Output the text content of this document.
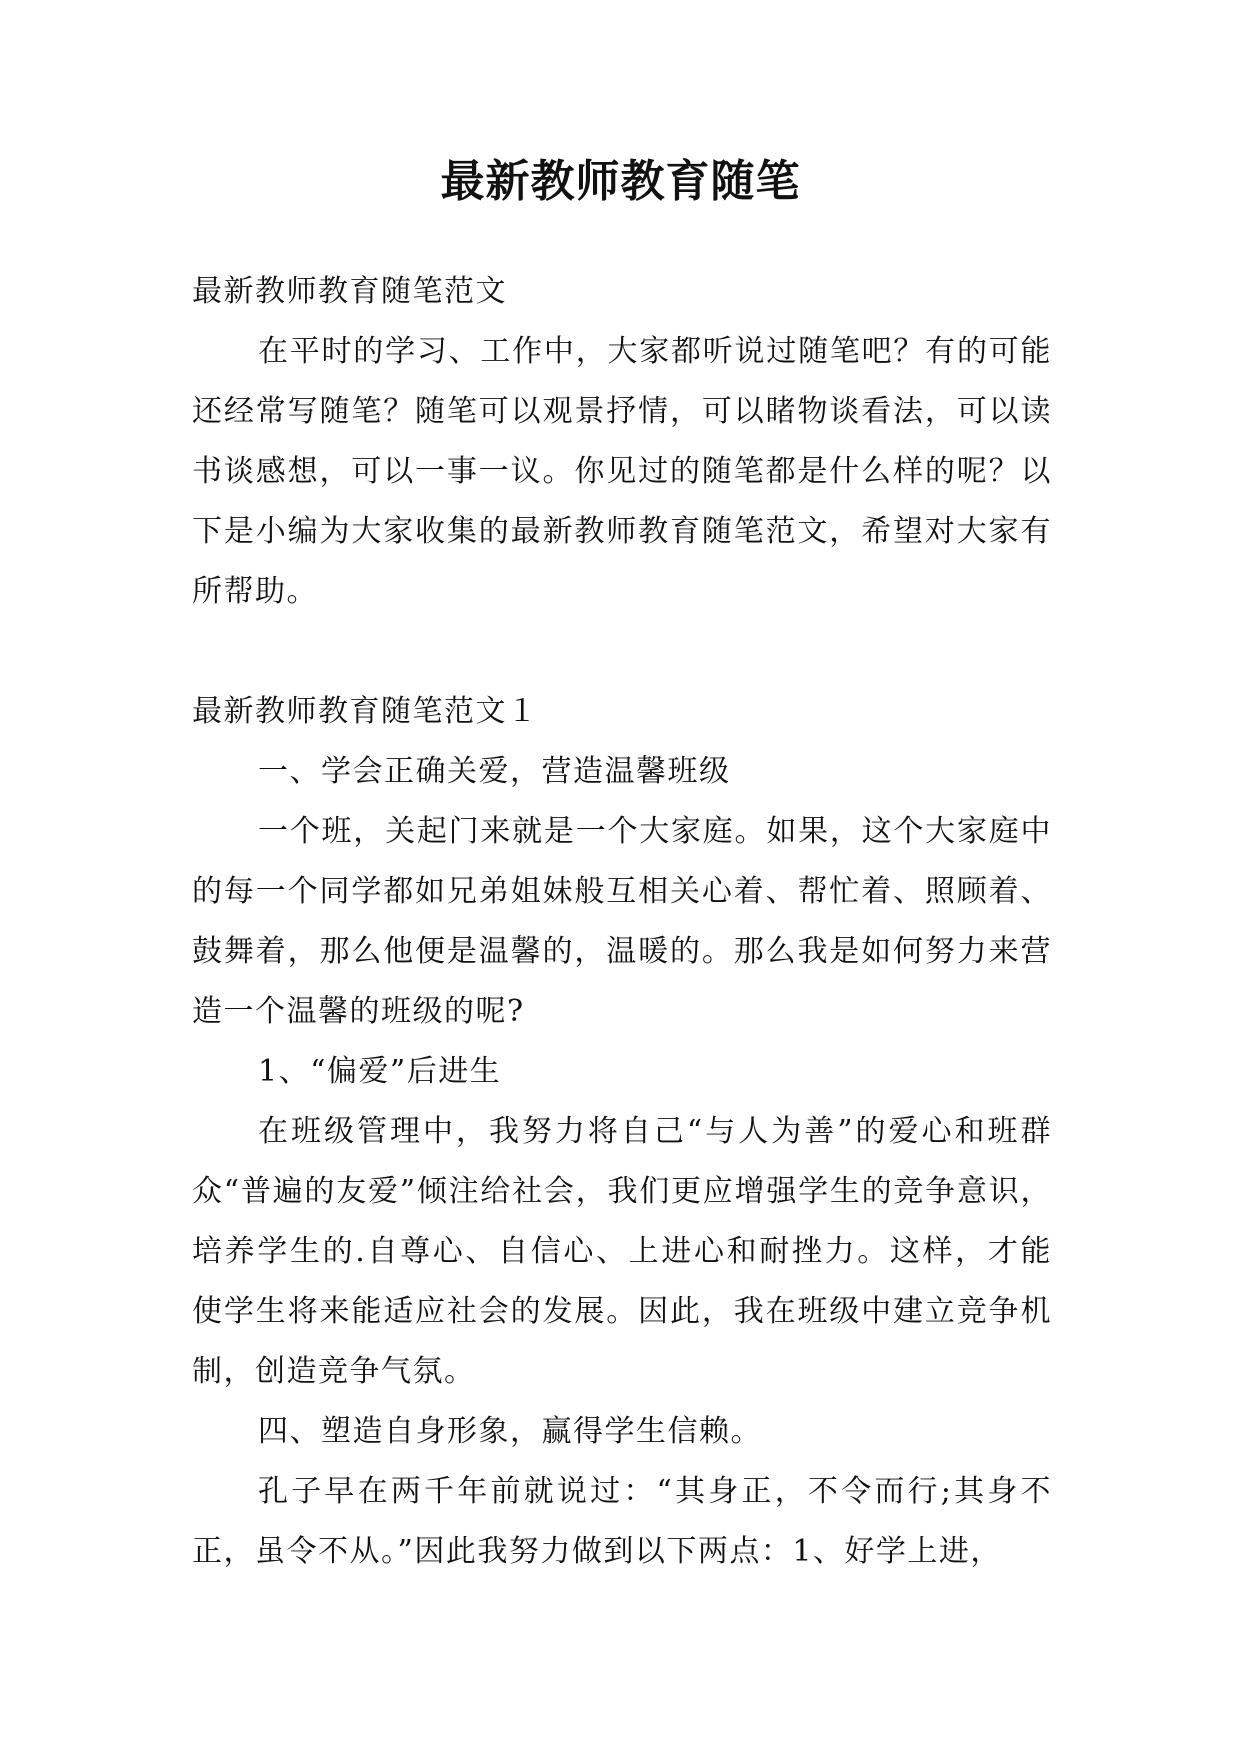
最新教师教育随笔

最新教师教育随笔范文

在平时的学习、工作中，大家都听说过随笔吧？有的可能还经常写随笔？随笔可以观景抒情，可以睹物谈看法，可以读书谈感想，可以一事一议。你见过的随笔都是什么样的呢？以下是小编为大家收集的最新教师教育随笔范文，希望对大家有所帮助。

最新教师教育随笔范文１

一、学会正确关爱，营造温馨班级

一个班，关起门来就是一个大家庭。如果，这个大家庭中的每一个同学都如兄弟姐妹般互相关心着、帮忙着、照顾着、鼓舞着，那么他便是温馨的，温暖的。那么我是如何努力来营造一个温馨的班级的呢?

1、“偏爱”后进生

在班级管理中，我努力将自己“与人为善”的爱心和班群众“普遍的友爱”倾注给社会，我们更应增强学生的竞争意识，培养学生的.自尊心、自信心、上进心和耐挫力。这样，才能使学生将来能适应社会的发展。因此，我在班级中建立竞争机制，创造竞争气氛。

四、塑造自身形象，赢得学生信赖。

孔子早在两千年前就说过：“其身正，不令而行;其身不正，虽令不从。”因此我努力做到以下两点：1、好学上进，
